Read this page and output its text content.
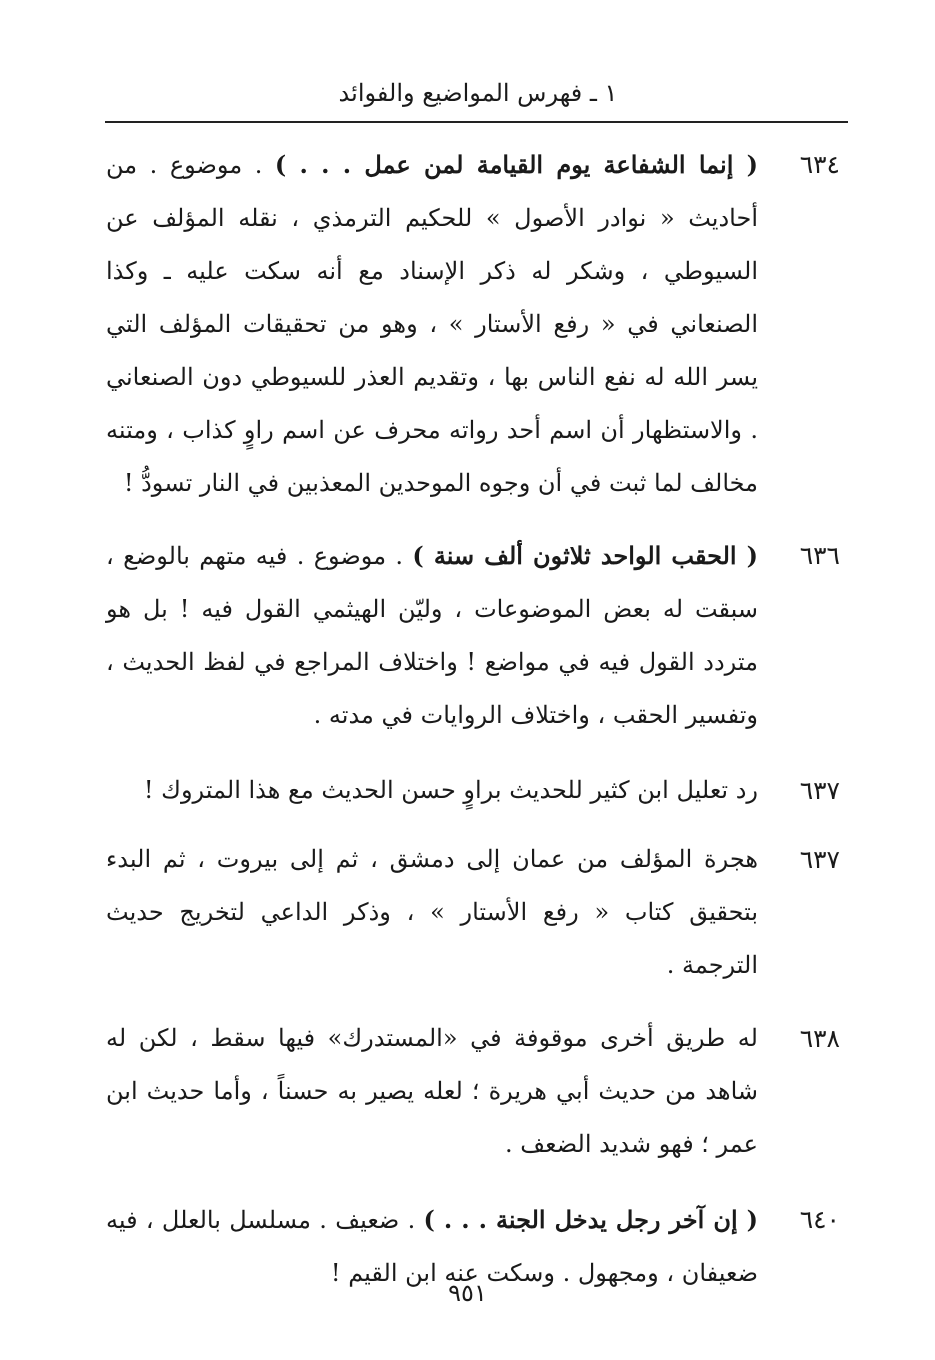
١ ـ فهرس المواضيع والفوائد
٦٣٤
( إنما الشفاعة يوم القيامة لمن عمل . . . ) . موضوع . من أحاديث « نوادر الأصول » للحكيم الترمذي ، نقله المؤلف عن السيوطي ، وشكر له ذكر الإسناد مع أنه سكت عليه ـ وكذا الصنعاني في « رفع الأستار » ، وهو من تحقيقات المؤلف التي يسر الله له نفع الناس بها ، وتقديم العذر للسيوطي دون الصنعاني . والاستظهار أن اسم أحد رواته محرف عن اسم راوٍ كذاب ، ومتنه مخالف لما ثبت في أن وجوه الموحدين المعذبين في النار تسودُّ !
٦٣٦
( الحقب الواحد ثلاثون ألف سنة ) . موضوع . فيه متهم بالوضع ، سبقت له بعض الموضوعات ، وليّن الهيثمي القول فيه ! بل هو متردد القول فيه في مواضع ! واختلاف المراجع في لفظ الحديث ، وتفسير الحقب ، واختلاف الروايات في مدته .
٦٣٧
رد تعليل ابن كثير للحديث براوٍ حسن الحديث مع هذا المتروك !
٦٣٧
هجرة المؤلف من عمان إلى دمشق ، ثم إلى بيروت ، ثم البدء بتحقيق كتاب « رفع الأستار » ، وذكر الداعي لتخريج حديث الترجمة .
٦٣٨
له طريق أخرى موقوفة في «المستدرك» فيها سقط ، لكن له شاهد من حديث أبي هريرة ؛ لعله يصير به حسناً ، وأما حديث ابن عمر ؛ فهو شديد الضعف .
٦٤٠
( إن آخر رجل يدخل الجنة . . . ) . ضعيف . مسلسل بالعلل ، فيه ضعيفان ، ومجهول . وسكت عنه ابن القيم !
٩٥١
